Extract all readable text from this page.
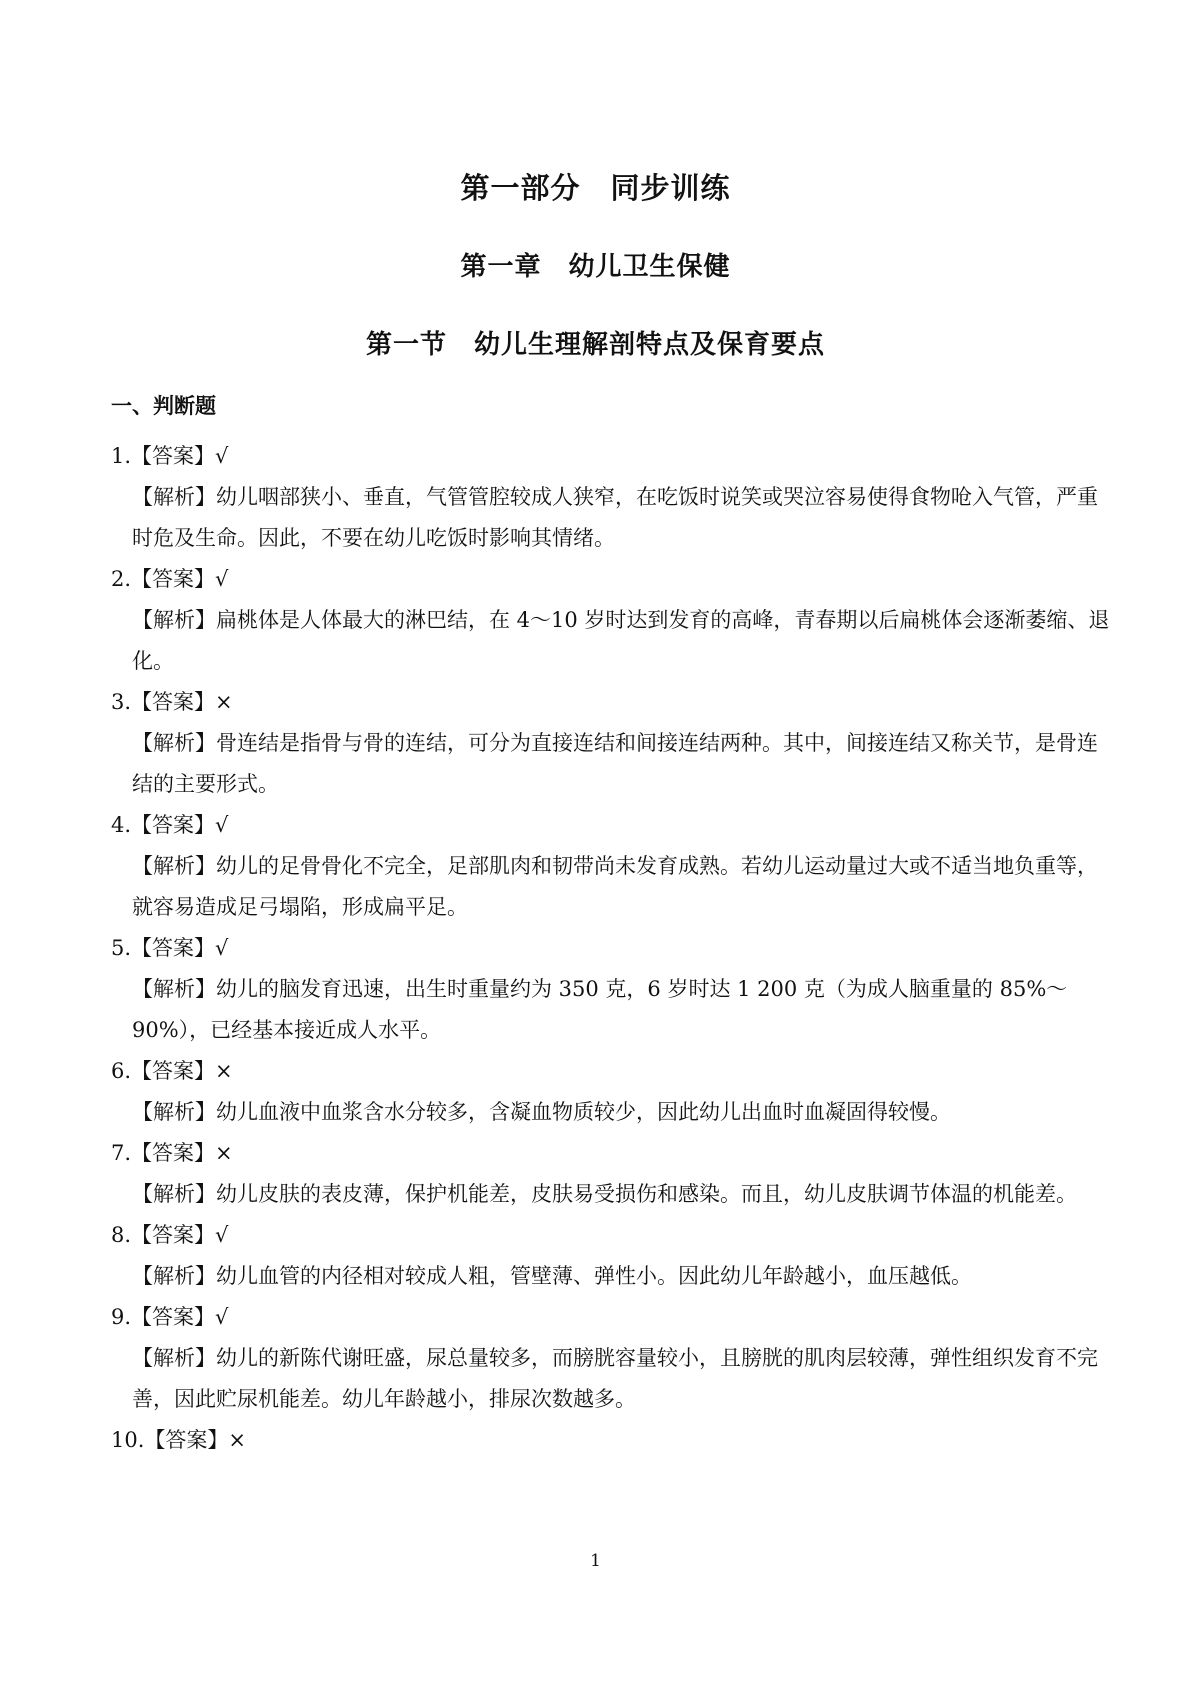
第一部分　同步训练
第一章　幼儿卫生保健
第一节　幼儿生理解剖特点及保育要点
一、判断题
1.【答案】√
【解析】幼儿咽部狭小、垂直，气管管腔较成人狭窄，在吃饭时说笑或哭泣容易使得食物呛入气管，严重时危及生命。因此，不要在幼儿吃饭时影响其情绪。
2.【答案】√
【解析】扁桃体是人体最大的淋巴结，在 4～10 岁时达到发育的高峰，青春期以后扁桃体会逐渐萎缩、退化。
3.【答案】×
【解析】骨连结是指骨与骨的连结，可分为直接连结和间接连结两种。其中，间接连结又称关节，是骨连结的主要形式。
4.【答案】√
【解析】幼儿的足骨骨化不完全，足部肌肉和韧带尚未发育成熟。若幼儿运动量过大或不适当地负重等，就容易造成足弓塌陷，形成扁平足。
5.【答案】√
【解析】幼儿的脑发育迅速，出生时重量约为 350 克，6 岁时达 1 200 克（为成人脑重量的 85%～90%），已经基本接近成人水平。
6.【答案】×
【解析】幼儿血液中血浆含水分较多，含凝血物质较少，因此幼儿出血时血凝固得较慢。
7.【答案】×
【解析】幼儿皮肤的表皮薄，保护机能差，皮肤易受损伤和感染。而且，幼儿皮肤调节体温的机能差。
8.【答案】√
【解析】幼儿血管的内径相对较成人粗，管壁薄、弹性小。因此幼儿年龄越小，血压越低。
9.【答案】√
【解析】幼儿的新陈代谢旺盛，尿总量较多，而膀胱容量较小，且膀胱的肌肉层较薄，弹性组织发育不完善，因此贮尿机能差。幼儿年龄越小，排尿次数越多。
10.【答案】×
1
